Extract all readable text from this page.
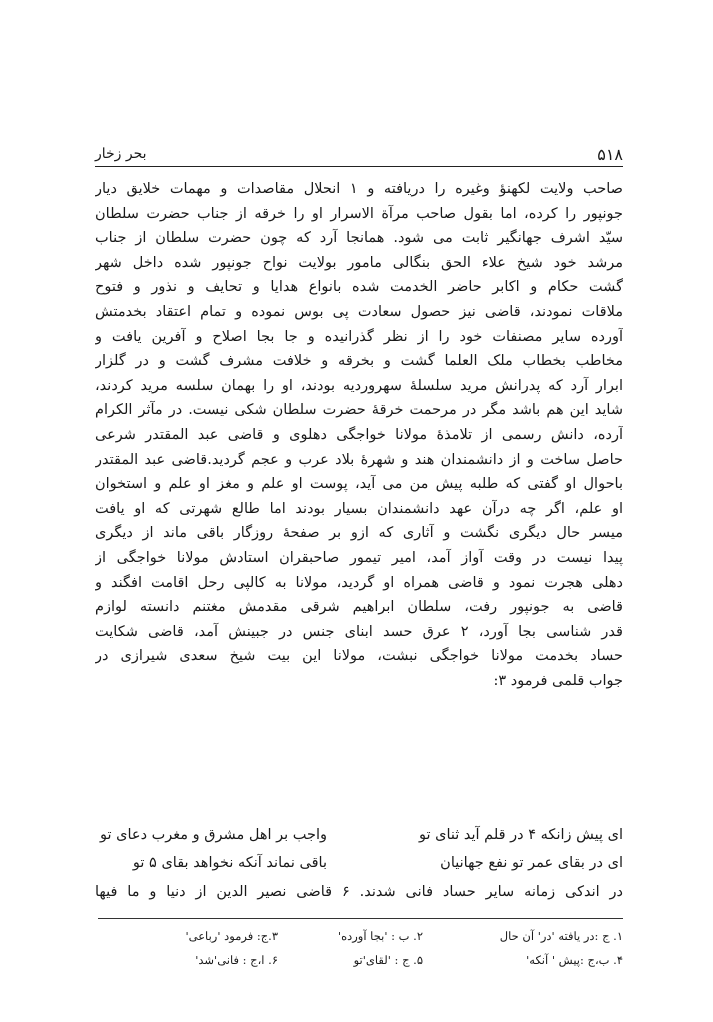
۵۱۸
بحر زخار
صاحب ولایت لکهنؤ وغیره را دریافته و ۱ انحلال مقاصدات و مهمات خلایق دیار
جونپور را کرده، اما بقول صاحب مرآة الاسرار او را خرقه از جناب حضرت سلطان
سیّد اشرف جهانگیر ثابت می شود. همانجا آرد که چون حضرت سلطان از جناب
مرشد خود شیخ علاء الحق بنگالی مامور بولایت نواح جونپور شده داخل شهر
گشت حکام و اکابر حاضر الخدمت شده بانواع هدایا و تحایف و نذور و فتوح
ملاقات نمودند، قاضی نیز حصول سعادت پی بوس نموده و تمام اعتقاد بخدمتش
آورده سایر مصنفات خود را از نظر گذرانیده و جا بجا اصلاح و آفرین یافت و
مخاطب بخطاب ملک العلما گشت و بخرقه و خلافت مشرف گشت و در گلزار
ابرار آرد که پدرانش مرید سلسلهٔ سهروردیه بودند، او را بهمان سلسه مرید کردند،
شاید این هم باشد مگر در مرحمت خرقهٔ حضرت سلطان شکی نیست. در مآثر الکرام
آرده، دانش رسمی از تلامذهٔ مولانا خواجگی دهلوی و قاضی عبد المقتدر شرعی
حاصل ساخت و از دانشمندان هند و شهرهٔ بلاد عرب و عجم گردید.قاضی عبد المقتدر
باحوال او گفتی که طلبه پیش من می آید، پوست او علم و مغز او علم و استخوان
او علم، اگر چه درآن عهد دانشمندان بسیار بودند اما طالع شهرتی که او یافت
میسر حال دیگری نگشت و آثاری که ازو بر صفحهٔ روزگار باقی ماند از دیگری
پیدا نیست در وقت آواز آمد، امیر تیمور صاحبقران استادش مولانا خواجگی از
دهلی هجرت نمود و قاضی همراه او گردید، مولانا به کالپی رحل اقامت افگند و
قاضی به جونپور رفت، سلطان ابراهیم شرقی مقدمش مغتنم دانسته لوازم
قدر شناسی بجا آورد، ۲ عرق حسد ابنای جنس در جبینش آمد، قاضی شکایت
حساد بخدمت مولانا خواجگی نبشت، مولانا این بیت شیخ سعدی شیرازی در
جواب قلمی فرمود ۳:
ای پیش زانکه ۴ در قلم آید ثنای تو
واجب بر اهل مشرق و مغرب دعای تو
ای در بقای عمر تو نفع جهانیان
باقی نماند آنکه نخواهد بقای ۵ تو
در اندکی زمانه سایر حساد فانی شدند. ۶ قاضی نصیر الدین از دنیا و ما فیها
۱. ج :در یافته 'در' آن حال
۲. ب : 'بجا آورده'
۳.ج: فرمود 'رباعی'
۴. ب،ج :پیش ' آنکه'
۵. ج : 'لقای'تو
۶. ا،ج : فانی'شد'
